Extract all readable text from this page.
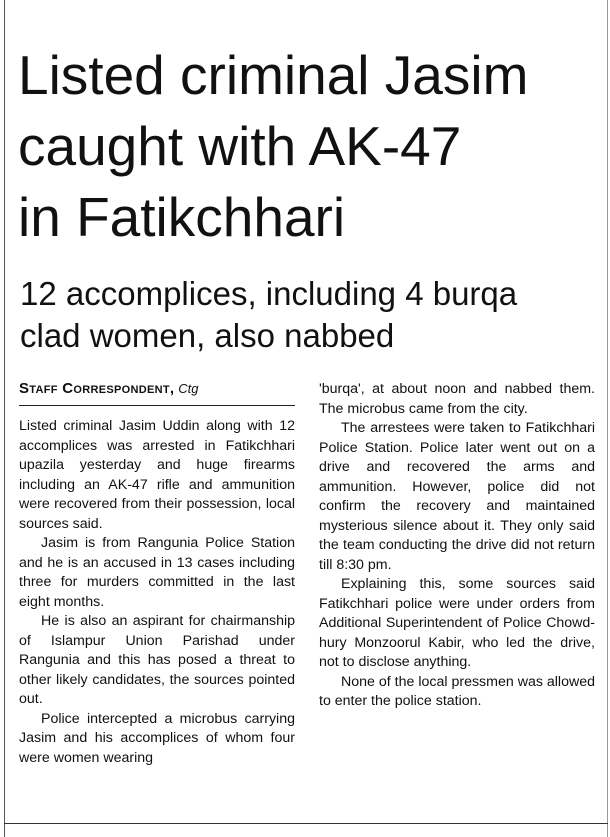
Listed criminal Jasim
caught with AK-47
in Fatikchhari
12 accomplices, including 4 burqa
clad women, also nabbed
Staff Correspondent, Ctg

Listed criminal Jasim Uddin along with 12 accomplices was arrested in Fatikchhari upazila yesterday and huge firearms including an AK-47 rifle and ammunition were recovered from their possession, local sources said.

Jasim is from Rangunia Police Station and he is an accused in 13 cases including three for murders committed in the last eight months.

He is also an aspirant for chairmanship of Islampur Union Parishad under Rangunia and this has posed a threat to other likely candidates, the sources pointed out.

Police intercepted a microbus carrying Jasim and his accomplices of whom four were women wearing

'burqa', at about noon and nabbed them. The microbus came from the city.

The arrestees were taken to Fatikchhari Police Station. Police later went out on a drive and recovered the arms and ammunition. However, police did not confirm the recovery and maintained mysterious silence about it. They only said the team conducting the drive did not return till 8:30 pm.

Explaining this, some sources said Fatikchhari police were under orders from Additional Superintendent of Police Chowd-hury Monzoorul Kabir, who led the drive, not to disclose anything.

None of the local pressmen was allowed to enter the police station.
